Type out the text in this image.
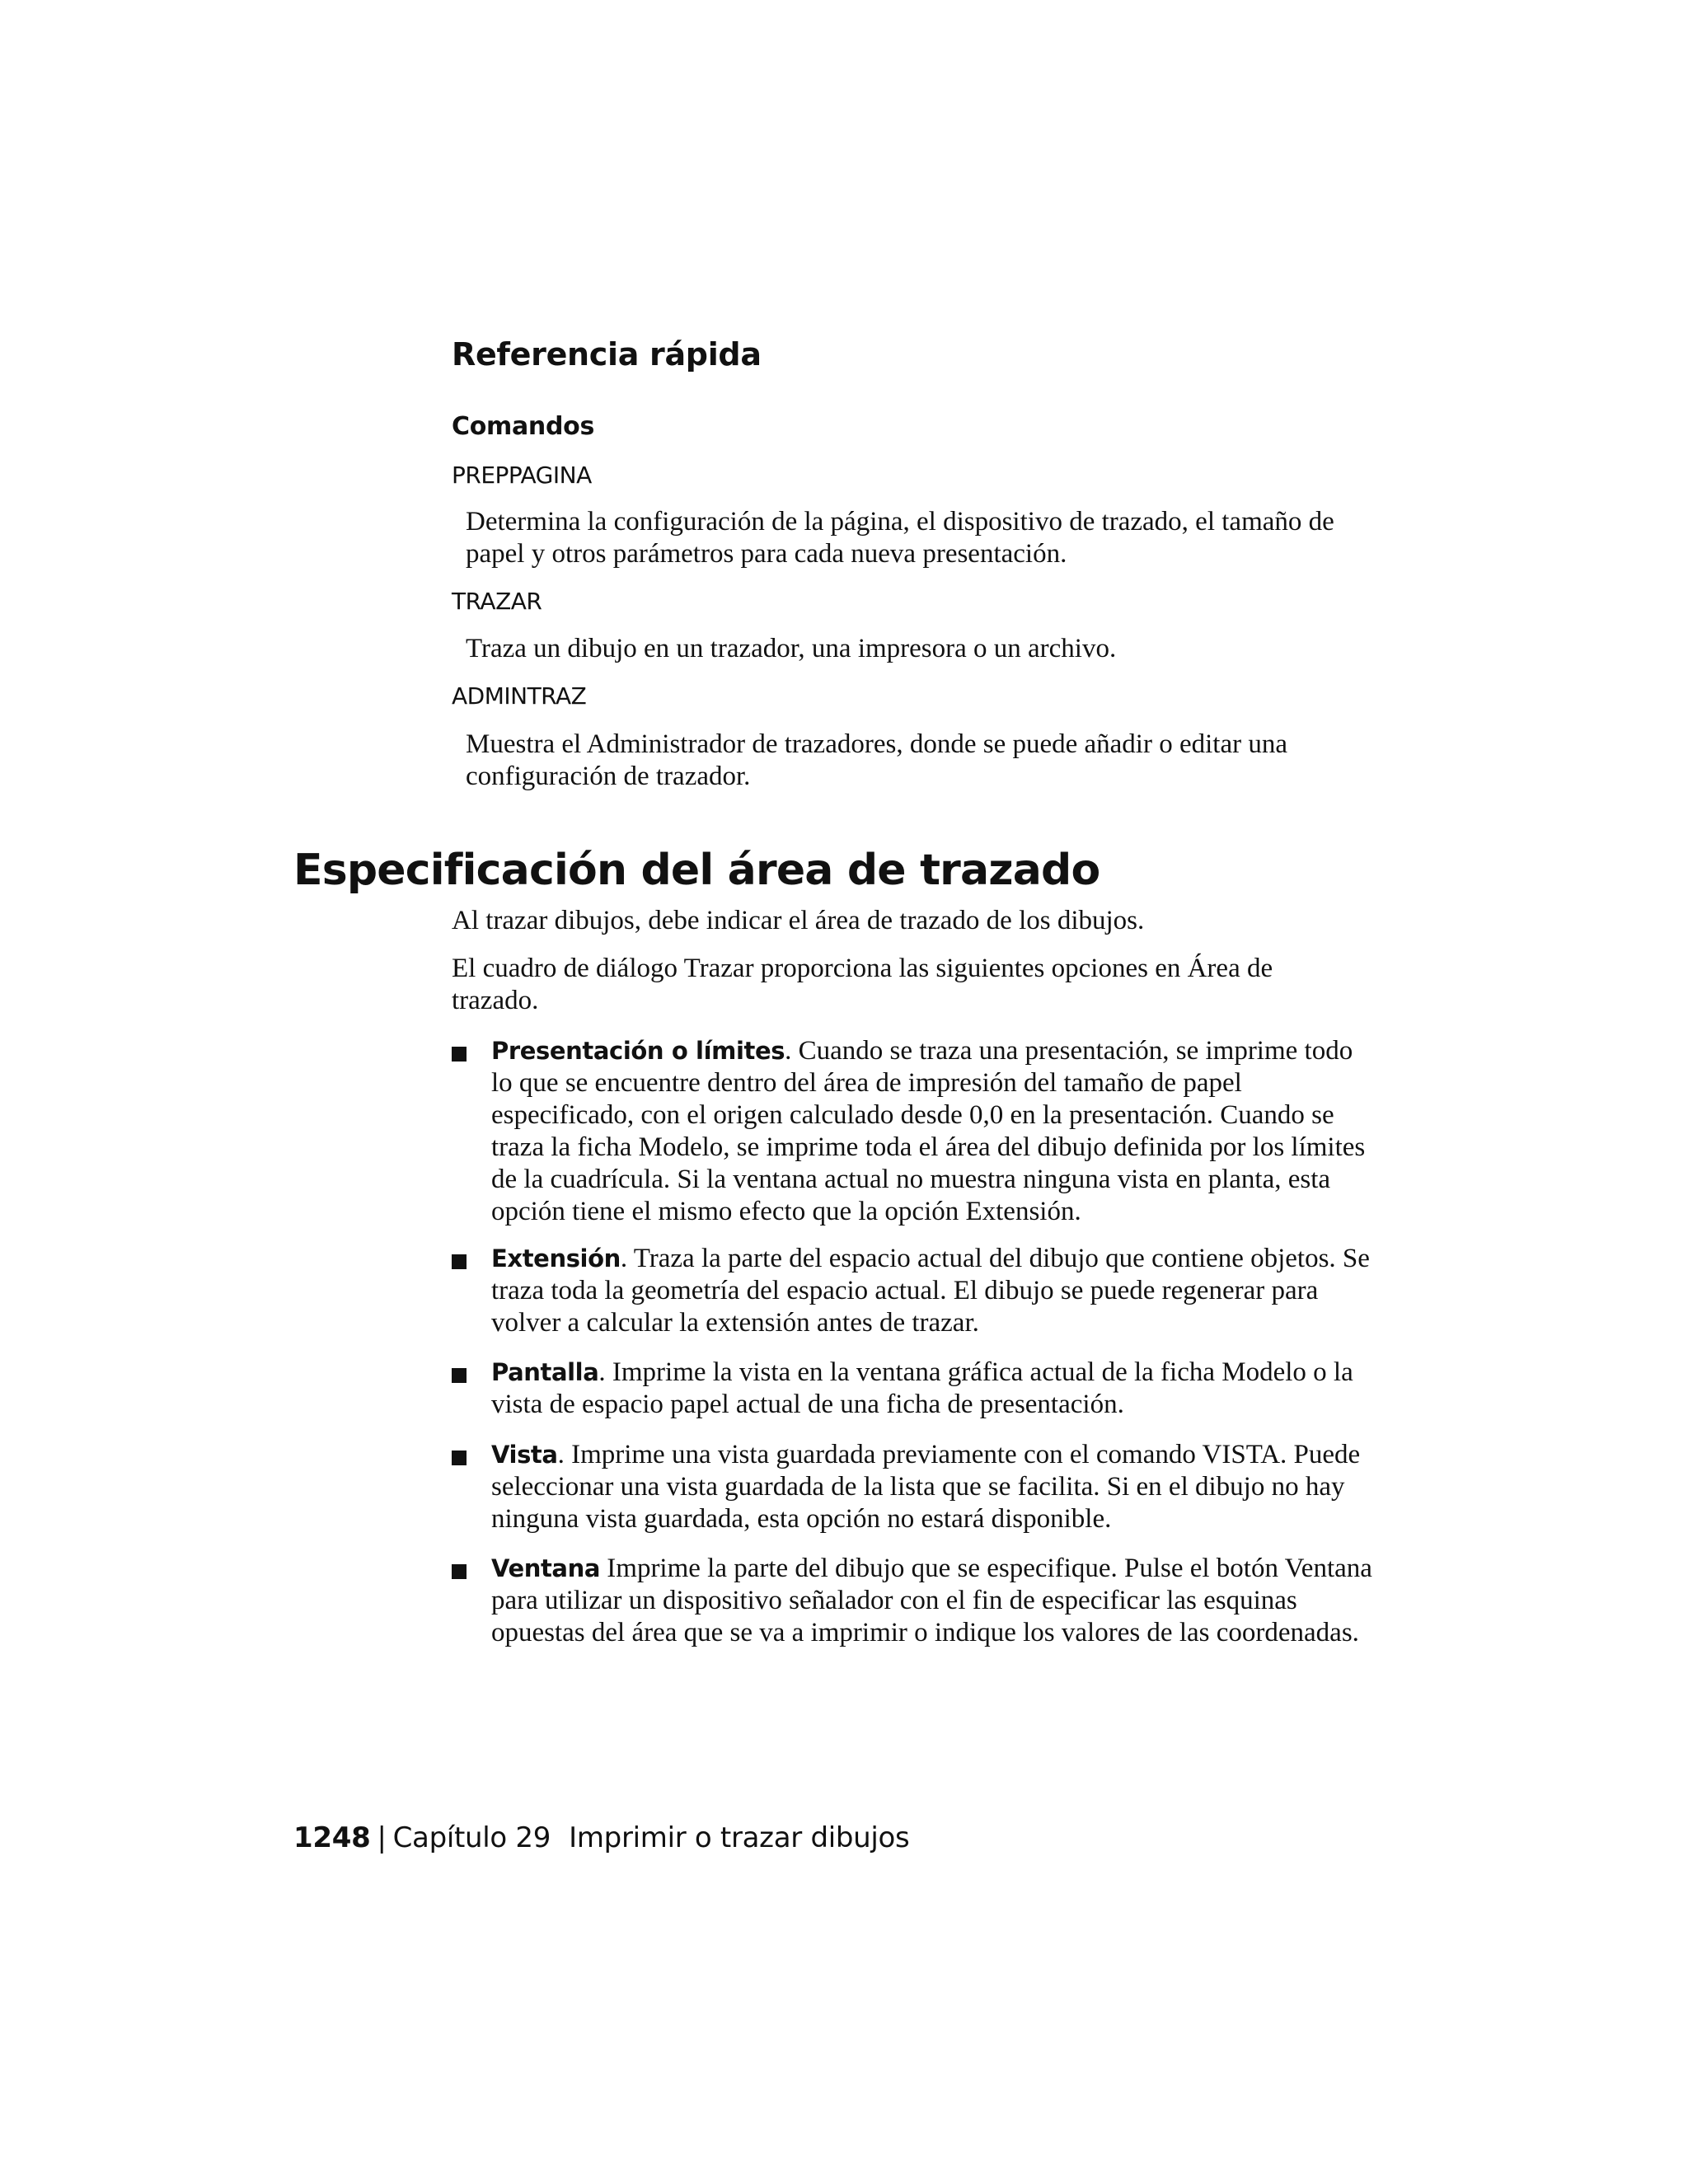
Referencia rápida
Comandos

PREPPAGINA

Determina la configuración de la página, el dispositivo de trazado, el tamaño de papel y otros parámetros para cada nueva presentación.

TRAZAR

Traza un dibujo en un trazador, una impresora o un archivo.

ADMINTRAZ

Muestra el Administrador de trazadores, donde se puede añadir o editar una configuración de trazador.

Especificación del área de trazado

Al trazar dibujos, debe indicar el área de trazado de los dibujos.

El cuadro de diálogo Trazar proporciona las siguientes opciones en Área de trazado.

Presentación o límites. Cuando se traza una presentación, se imprime todo lo que se encuentre dentro del área de impresión del tamaño de papel especificado, con el origen calculado desde 0,0 en la presentación. Cuando se traza la ficha Modelo, se imprime toda el área del dibujo definida por los límites de la cuadrícula. Si la ventana actual no muestra ninguna vista en planta, esta opción tiene el mismo efecto que la opción Extensión.

Extensión. Traza la parte del espacio actual del dibujo que contiene objetos. Se traza toda la geometría del espacio actual. El dibujo se puede regenerar para volver a calcular la extensión antes de trazar.

Pantalla. Imprime la vista en la ventana gráfica actual de la ficha Modelo o la vista de espacio papel actual de una ficha de presentación.

Vista. Imprime una vista guardada previamente con el comando VISTA. Puede seleccionar una vista guardada de la lista que se facilita. Si en el dibujo no hay ninguna vista guardada, esta opción no estará disponible.

Ventana Imprime la parte del dibujo que se especifique. Pulse el botón Ventana para utilizar un dispositivo señalador con el fin de especificar las esquinas opuestas del área que se va a imprimir o indique los valores de las coordenadas.

1248 | Capítulo 29 Imprimir o trazar dibujos
